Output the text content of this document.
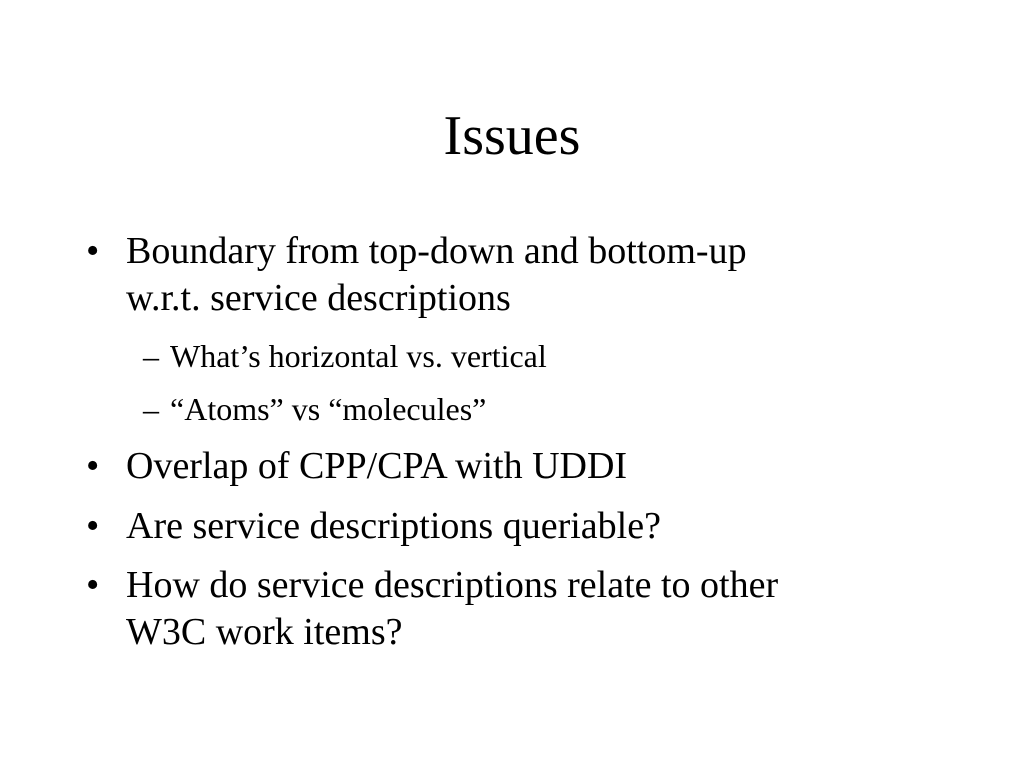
Issues
• Boundary from top-down and bottom-up
w.r.t. service descriptions
– What’s horizontal vs. vertical
– “Atoms” vs “molecules”
• Overlap of CPP/CPA with UDDI
• Are service descriptions queriable?
• How do service descriptions relate to other
W3C work items?
